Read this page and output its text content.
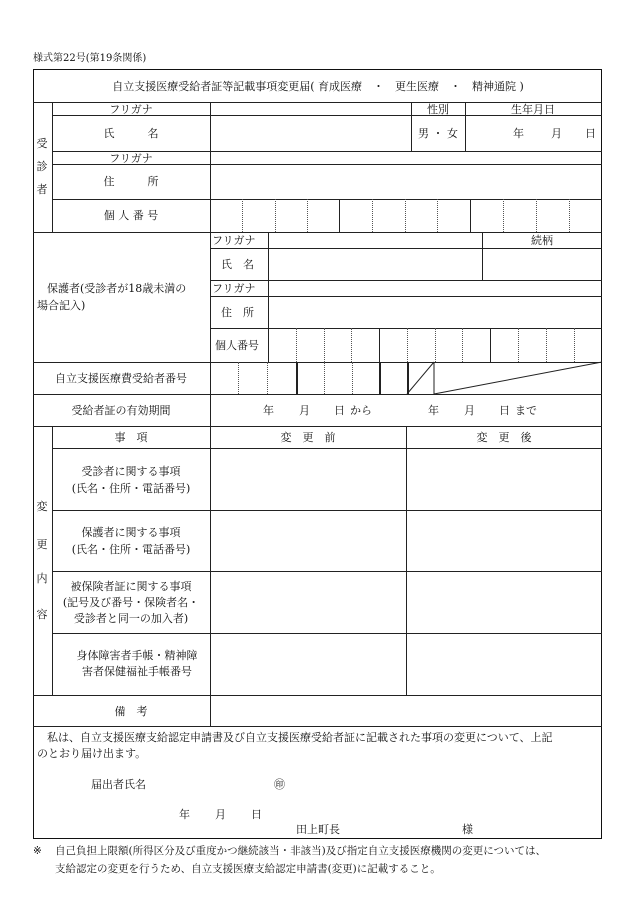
様式第22号(第19条関係)
自立支援医療受給者証等記載事項変更届( 育成医療　・　更生医療　・　精神通院 )
受
診
者
フリガナ	性別	生年月日
氏　　　名	男 ・ 女	年 月 日
フリガナ
住　　　所
個 人 番 号
保護者(受診者が18歳未満の
場合記入)
フリガナ	続柄
氏　名
フリガナ
住　所
個人番号
自立支援医療費受給者番号
受給者証の有効期間	年 月 日 から	年 月 日 まで
変
更
内
容
事　項	変　更　前	変　更　後
受診者に関する事項
(氏名・住所・電話番号)
保護者に関する事項
(氏名・住所・電話番号)
被保険者証に関する事項
(記号及び番号・保険者名・
受診者と同一の加入者)
身体障害者手帳・精神障
害者保健福祉手帳番号
備　考
私は、自立支援医療支給認定申請書及び自立支援医療受給者証に記載された事項の変更について、上記
のとおり届け出ます。
届出者氏名	㊞
年 月 日
田上町長	様
※ 自己負担上限額(所得区分及び重度かつ継続該当・非該当)及び指定自立支援医療機関の変更については、
支給認定の変更を行うため、自立支援医療支給認定申請書(変更)に記載すること。
